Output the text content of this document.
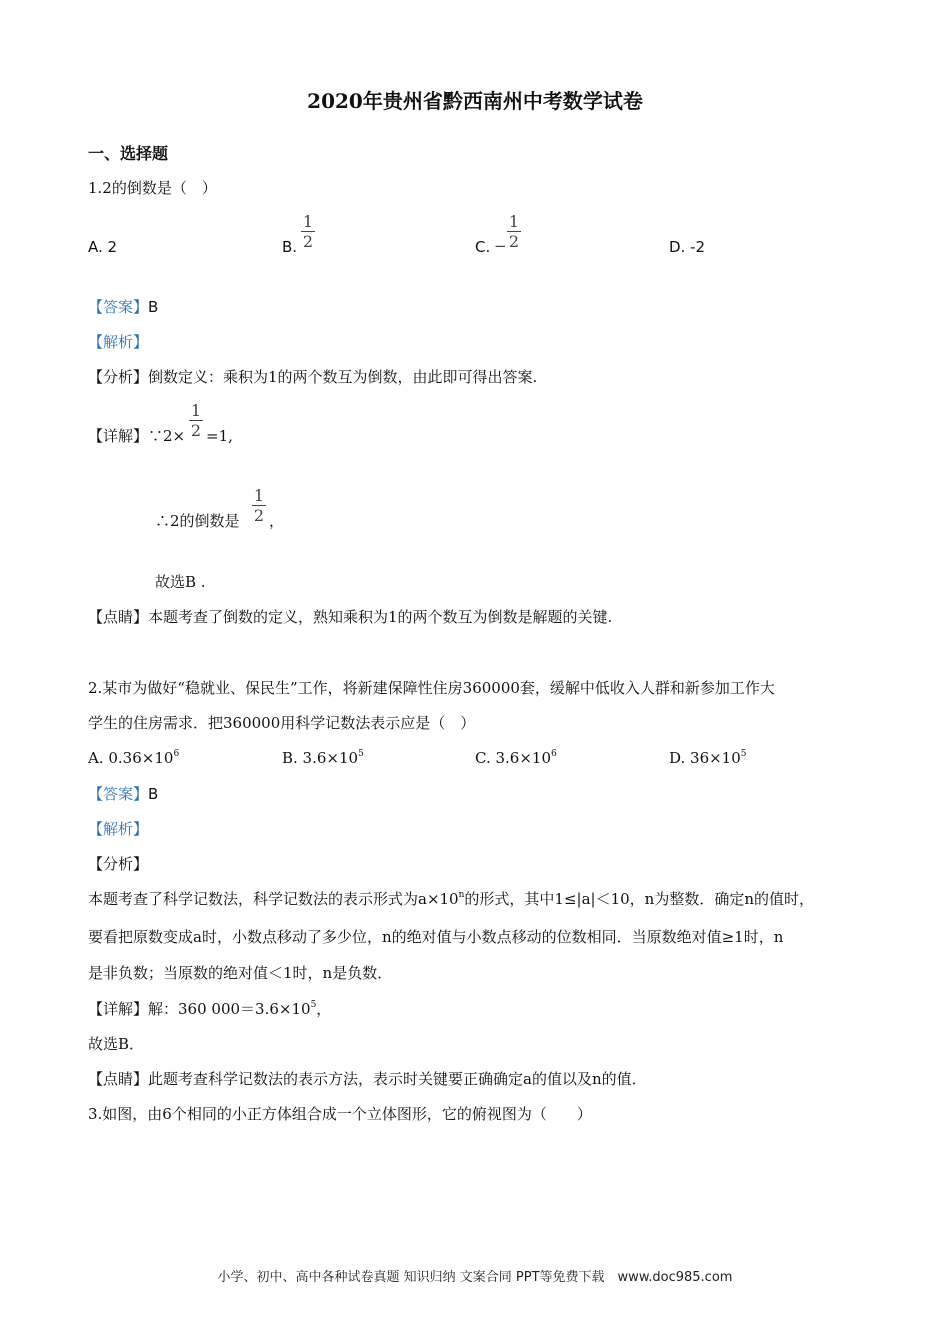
2020年贵州省黔西南州中考数学试卷
一、选择题
1.2的倒数是（　）
A. 2	B.
1
2	C. −
1
2	D. -2
【答案】B
【解析】
【分析】倒数定义：乘积为1的两个数互为倒数，由此即可得出答案.
【详解】∵2×
1
2 =1,
∴2的倒数是
1
2 ，
故选B .
【点睛】本题考查了倒数的定义，熟知乘积为1的两个数互为倒数是解题的关键.
2.某市为做好“稳就业、保民生”工作，将新建保障性住房360000套，缓解中低收入人群和新参加工作大
学生的住房需求．把360000用科学记数法表示应是（　）
A. $0.36\times 10^6$	B. $3.6\times 10^5$	C. $3.6\times 10^6$	D. $36\times 10^5$
【答案】B
【解析】
【分析】
本题考查了科学记数法，科学记数法的表示形式为$a\times 10^n$的形式，其中1≤|a|＜10，n为整数．确定n的值时，
要看把原数变成a时，小数点移动了多少位，n的绝对值与小数点移动的位数相同．当原数绝对值≥1时，n
是非负数；当原数的绝对值＜1时，n是负数．
【详解】解：360 $000=3.6\times 10^5$，
故选B．
【点睛】此题考查科学记数法的表示方法，表示时关键要正确确定a的值以及n的值．
3.如图，由6个相同的小正方体组合成一个立体图形，它的俯视图为（　　）
小学、初中、高中各种试卷真题 知识归纳 文案合同 PPT等免费下载　www.doc985.com
